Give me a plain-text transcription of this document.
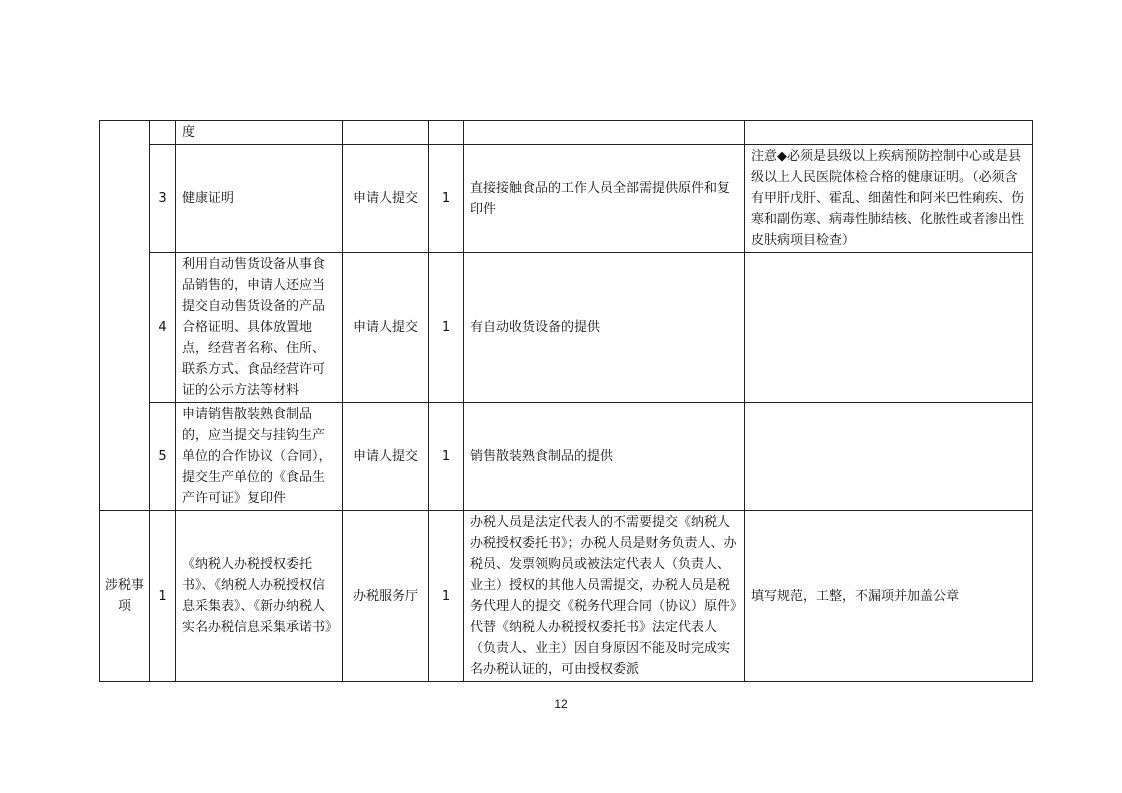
		度				
	3	健康证明	申请人提交	1	直接接触食品的工作人员全部需提供原件和复印件	注意◆必须是县级以上疾病预防控制中心或是县级以上人民医院体检合格的健康证明。（必须含有甲肝戊肝、霍乱、细菌性和阿米巴性痢疾、伤寒和副伤寒、病毒性肺结核、化脓性或者渗出性皮肤病项目检查）
	4	利用自动售货设备从事食品销售的，申请人还应当提交自动售货设备的产品合格证明、具体放置地点，经营者名称、住所、联系方式、食品经营许可证的公示方法等材料	申请人提交	1	有自动收货设备的提供	
	5	申请销售散装熟食制品的，应当提交与挂钩生产单位的合作协议（合同），提交生产单位的《食品生产许可证》复印件	申请人提交	1	销售散装熟食制品的提供	
涉税事项	1	《纳税人办税授权委托书》、《纳税人办税授权信息采集表》、《新办纳税人实名办税信息采集承诺书》	办税服务厅	1	办税人员是法定代表人的不需要提交《纳税人办税授权委托书》；办税人员是财务负责人、办税员、发票领购员或被法定代表人（负责人、业主）授权的其他人员需提交，办税人员是税务代理人的提交《税务代理合同（协议）原件》代替《纳税人办税授权委托书》法定代表人（负责人、业主）因自身原因不能及时完成实名办税认证的，可由授权委派	填写规范，工整，不漏项并加盖公章
12
